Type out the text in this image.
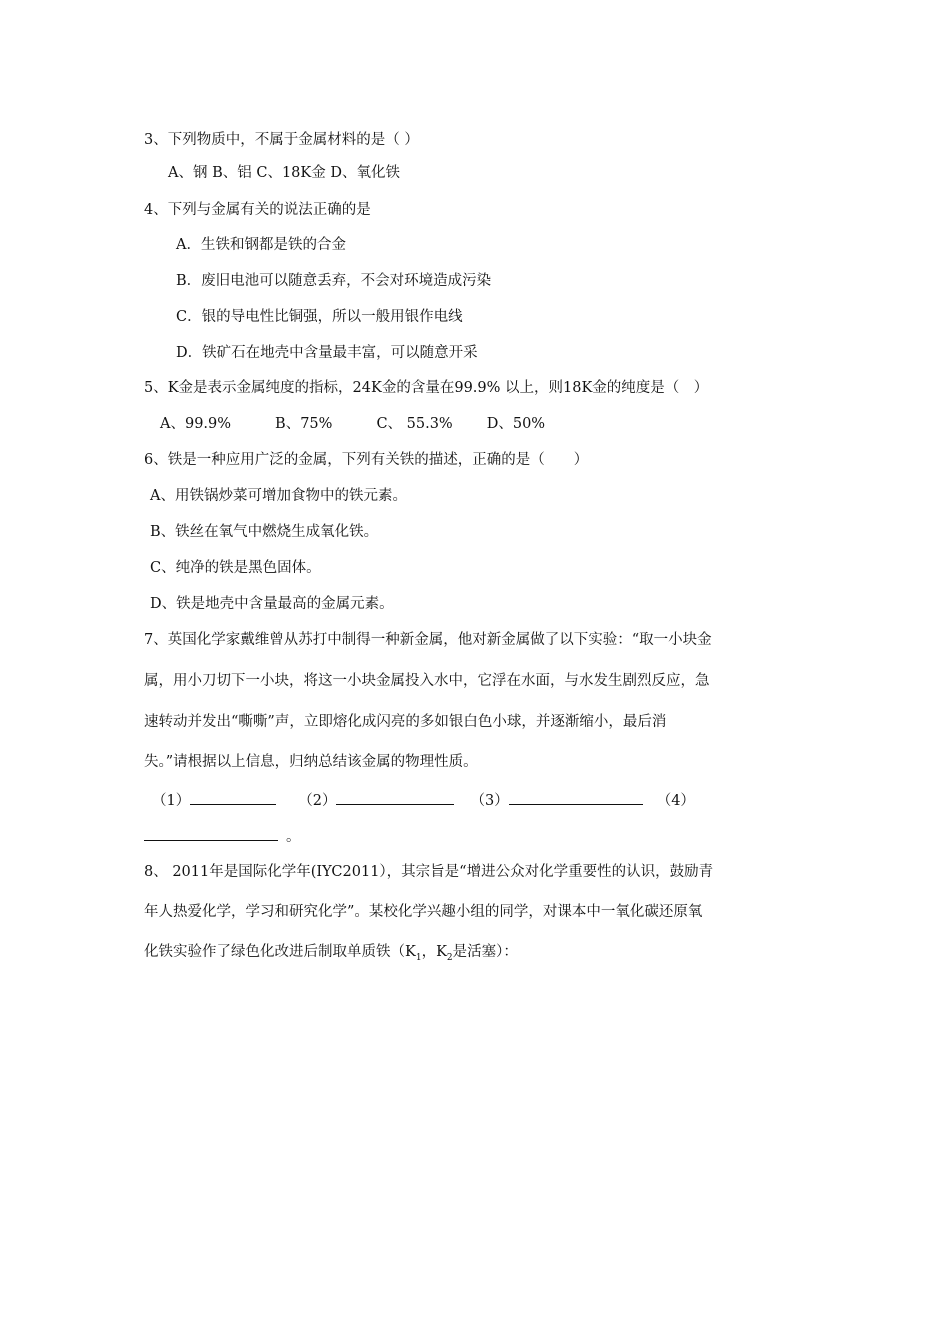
3、下列物质中，不属于金属材料的是（ ）
A、钢 B、铝 C、18K金 D、氧化铁
4、下列与金属有关的说法正确的是
A．生铁和钢都是铁的合金
B．废旧电池可以随意丢弃，不会对环境造成污染
C．银的导电性比铜强，所以一般用银作电线
D．铁矿石在地壳中含量最丰富，可以随意开采
5、K金是表示金属纯度的指标，24K金的含量在99.9% 以上，则18K金的纯度是（　）
A、99.9%	B、75%	C、 55.3% D、50%
6、铁是一种应用广泛的金属，下列有关铁的描述，正确的是（　　）
A、用铁锅炒菜可增加食物中的铁元素。
B、铁丝在氧气中燃烧生成氧化铁。
C、纯净的铁是黑色固体。
D、铁是地壳中含量最高的金属元素。
7、英国化学家戴维曾从苏打中制得一种新金属，他对新金属做了以下实验：“取一小块金
属，用小刀切下一小块，将这一小块金属投入水中，它浮在水面，与水发生剧烈反应，急
速转动并发出“嘶嘶”声，立即熔化成闪亮的多如银白色小球，并逐渐缩小，最后消
失。”请根据以上信息，归纳总结该金属的物理性质。
（1）	（2）	（3）	（4）
。
8、 2011年是国际化学年(IYC2011），其宗旨是“增进公众对化学重要性的认识，鼓励青
年人热爱化学，学习和研究化学”。某校化学兴趣小组的同学，对课本中一氧化碳还原氧
化铁实验作了绿色化改进后制取单质铁（$K_1$，$K_2$是活塞）：
